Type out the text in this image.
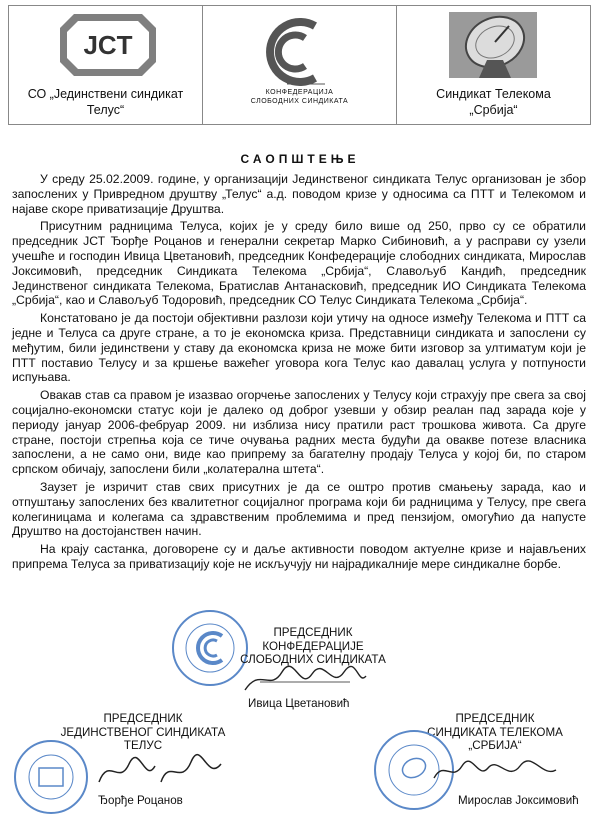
JCT
СО „Јединствени синдикат
Телус“
КОНФЕДЕРАЦИЈА
СЛОБОДНИХ СИНДИКАТА
Синдикат Телекома
„Србија“
САОПШТЕЊЕ

У среду 25.02.2009. године, у организацији Јединственог синдиката Телус организован је збор запослених у Привредном друштву „Телус“ а.д. поводом кризе у односима са ПТТ и Телекомом и најаве скоре приватизације Друштва.

Присутним радницима Телуса, којих је у среду било више од 250, прво су се обратили председник ЈСТ Ђорђе Роцанов и генерални секретар Марко Сибиновић, а у расправи су узели учешће и господин Ивица Цветановић, председник Конфедерације слободних синдиката, Мирослав Јоксимовић, председник Синдиката Телекома „Србија“, Славољуб Кандић, председник Јединственог синдиката Телекома, Братислав Антанасковић, председник ИО Синдиката Телекома „Србија“, као и Славољуб Тодоровић, председник СО Телус Синдиката Телекома „Србија“.

Констатовано је да постоји објективни разлози који утичу на односе између Телекома и ПТТ са једне и Телуса са друге стране, а то је економска криза. Представници синдиката и запослени су међутим, били јединствени у ставу да економска криза не може бити изговор за ултиматум који је ПТТ поставио Телусу и за кршење важећег уговора кога Телус као давалац услуга у потпуности испуњава.

Овакав став са правом је изазвао огорчење запослених у Телусу који страхују пре свега за свој социјално-економски статус који је далеко од доброг узевши у обзир реалан пад зарада које у периоду јануар 2006-фебруар 2009. ни изблиза нису пратили раст трошкова живота. Са друге стране, постоји стрепња која се тиче очувања радних места будући да овакве потезе власника запослени, а не само они, виде као припрему за багателну продају Телуса у којој би, по старом српском обичају, запослени били „колатерална штета“.

Заузет је изричит став свих присутних је да се оштро против смањењу зарада, као и отпуштању запослених без квалитетног социјалног програма који би радницима у Телусу, пре свега колегиницама и колегама са здравственим проблемима и пред пензијом, омогућио да напусте Друштво на достојанствен начин.

На крају састанка, договорене су и даље активности поводом актуелне кризе и најављених припрема Телуса за приватизацију које не искључују ни најрадикалније мере синдикалне борбе.

ПРЕДСЕДНИК
КОНФЕДЕРАЦИЈЕ
СЛОБОДНИХ СИНДИКАТА
Ивица Цветановић
ПРЕДСЕДНИК
ЈЕДИНСТВЕНОГ СИНДИКАТА
ТЕЛУС
Ђорђе Роцанов
ПРЕДСЕДНИК
СИНДИКАТА ТЕЛЕКОМА „СРБИЈА“
Мирослав Јоксимовић
